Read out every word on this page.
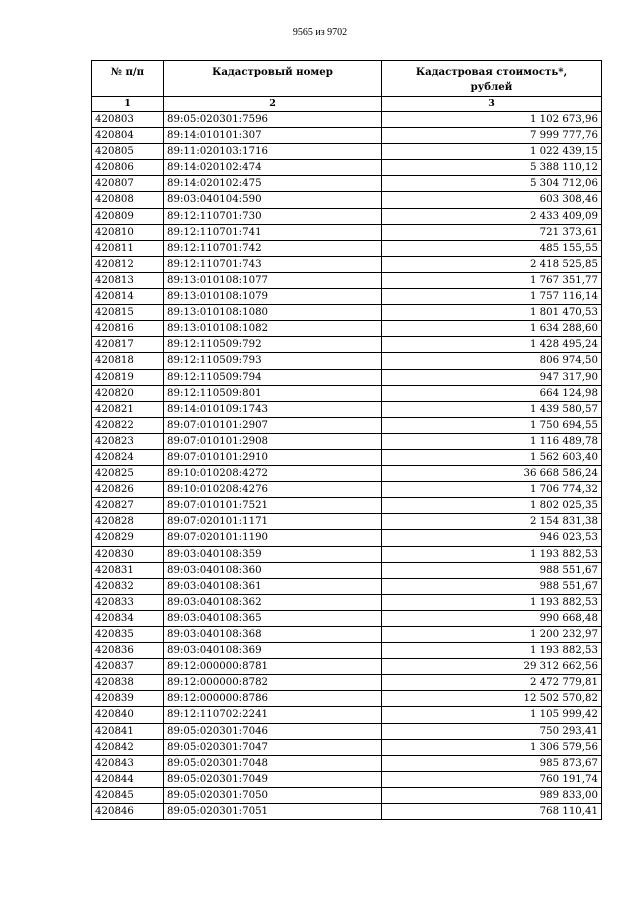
9565 из 9702
№ п/п	Кадастровый номер	Кадастровая стоимость*,
рублей
1	2	3
420803	89:05:020301:7596	1 102 673,96
420804	89:14:010101:307	7 999 777,76
420805	89:11:020103:1716	1 022 439,15
420806	89:14:020102:474	5 388 110,12
420807	89:14:020102:475	5 304 712,06
420808	89:03:040104:590	603 308,46
420809	89:12:110701:730	2 433 409,09
420810	89:12:110701:741	721 373,61
420811	89:12:110701:742	485 155,55
420812	89:12:110701:743	2 418 525,85
420813	89:13:010108:1077	1 767 351,77
420814	89:13:010108:1079	1 757 116,14
420815	89:13:010108:1080	1 801 470,53
420816	89:13:010108:1082	1 634 288,60
420817	89:12:110509:792	1 428 495,24
420818	89:12:110509:793	806 974,50
420819	89:12:110509:794	947 317,90
420820	89:12:110509:801	664 124,98
420821	89:14:010109:1743	1 439 580,57
420822	89:07:010101:2907	1 750 694,55
420823	89:07:010101:2908	1 116 489,78
420824	89:07:010101:2910	1 562 603,40
420825	89:10:010208:4272	36 668 586,24
420826	89:10:010208:4276	1 706 774,32
420827	89:07:010101:7521	1 802 025,35
420828	89:07:020101:1171	2 154 831,38
420829	89:07:020101:1190	946 023,53
420830	89:03:040108:359	1 193 882,53
420831	89:03:040108:360	988 551,67
420832	89:03:040108:361	988 551,67
420833	89:03:040108:362	1 193 882,53
420834	89:03:040108:365	990 668,48
420835	89:03:040108:368	1 200 232,97
420836	89:03:040108:369	1 193 882,53
420837	89:12:000000:8781	29 312 662,56
420838	89:12:000000:8782	2 472 779,81
420839	89:12:000000:8786	12 502 570,82
420840	89:12:110702:2241	1 105 999,42
420841	89:05:020301:7046	750 293,41
420842	89:05:020301:7047	1 306 579,56
420843	89:05:020301:7048	985 873,67
420844	89:05:020301:7049	760 191,74
420845	89:05:020301:7050	989 833,00
420846	89:05:020301:7051	768 110,41
